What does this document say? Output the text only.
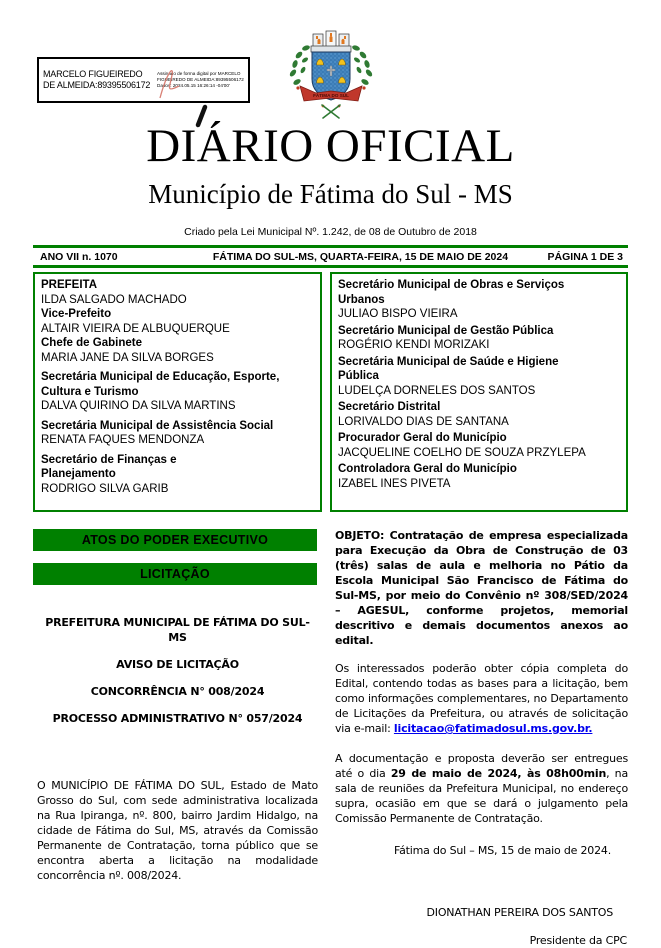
MARCELO FIGUEIREDO DE ALMEIDA:89395506172
Assinado de forma digital por MARCELO
FIGUEIREDO DE ALMEIDA:89395506172
Dados: 2024.05.15 16:26:14 -04'00'
FÁTIMA DO SUL
DIÁRIO OFICIAL
Município de Fátima do Sul - MS
Criado pela Lei Municipal Nº. 1.242, de 08 de Outubro de 2018
ANO VII n. 1070	FÁTIMA DO SUL-MS, QUARTA-FEIRA, 15 DE MAIO DE 2024	PÁGINA 1 DE 3
PREFEITA
ILDA SALGADO MACHADO
Vice-Prefeito
ALTAIR VIEIRA DE ALBUQUERQUE
Chefe de Gabinete
MARIA JANE DA SILVA BORGES
Secretária Municipal de Educação, Esporte, Cultura e Turismo
DALVA QUIRINO DA SILVA MARTINS
Secretária Municipal de Assistência Social
RENATA FAQUES MENDONZA
Secretário de Finanças e Planejamento
RODRIGO SILVA GARIB
Secretário Municipal de Obras e Serviços Urbanos
JULIAO BISPO VIEIRA
Secretário Municipal de Gestão Pública
ROGÉRIO KENDI MORIZAKI
Secretária Municipal de Saúde e Higiene Pública
LUDELÇA DORNELES DOS SANTOS
Secretário Distrital
LORIVALDO DIAS DE SANTANA
Procurador Geral do Município
JACQUELINE COELHO DE SOUZA PRZYLEPA
Controladora Geral do Município
IZABEL INES PIVETA
ATOS DO PODER EXECUTIVO
LICITAÇÃO
PREFEITURA MUNICIPAL DE FÁTIMA DO SUL-MS
AVISO DE LICITAÇÃO
CONCORRÊNCIA N° 008/2024
PROCESSO ADMINISTRATIVO N° 057/2024

O MUNICÍPIO DE FÁTIMA DO SUL, Estado de Mato Grosso do Sul, com sede administrativa localizada na Rua Ipiranga, nº. 800, bairro Jardim Hidalgo, na cidade de Fátima do Sul, MS, através da Comissão Permanente de Contratação, torna público que se encontra aberta a licitação na modalidade concorrência nº. 008/2024.

OBJETO: Contratação de empresa especializada para Execução da Obra de Construção de 03 (três) salas de aula e melhoria no Pátio da Escola Municipal São Francisco de Fátima do Sul-MS, por meio do Convênio nº 308/SED/2024 – AGESUL, conforme projetos, memorial descritivo e demais documentos anexos ao edital.

Os interessados poderão obter cópia completa do Edital, contendo todas as bases para a licitação, bem como informações complementares, no Departamento de Licitações da Prefeitura, ou através de solicitação via e-mail: licitacao@fatimadosul.ms.gov.br.

A documentação e proposta deverão ser entregues até o dia 29 de maio de 2024, às 08h00min, na sala de reuniões da Prefeitura Municipal, no endereço supra, ocasião em que se dará o julgamento pela Comissão Permanente de Contratação.

Fátima do Sul – MS, 15 de maio de 2024.
DIONATHAN PEREIRA DOS SANTOS
Presidente da CPC
